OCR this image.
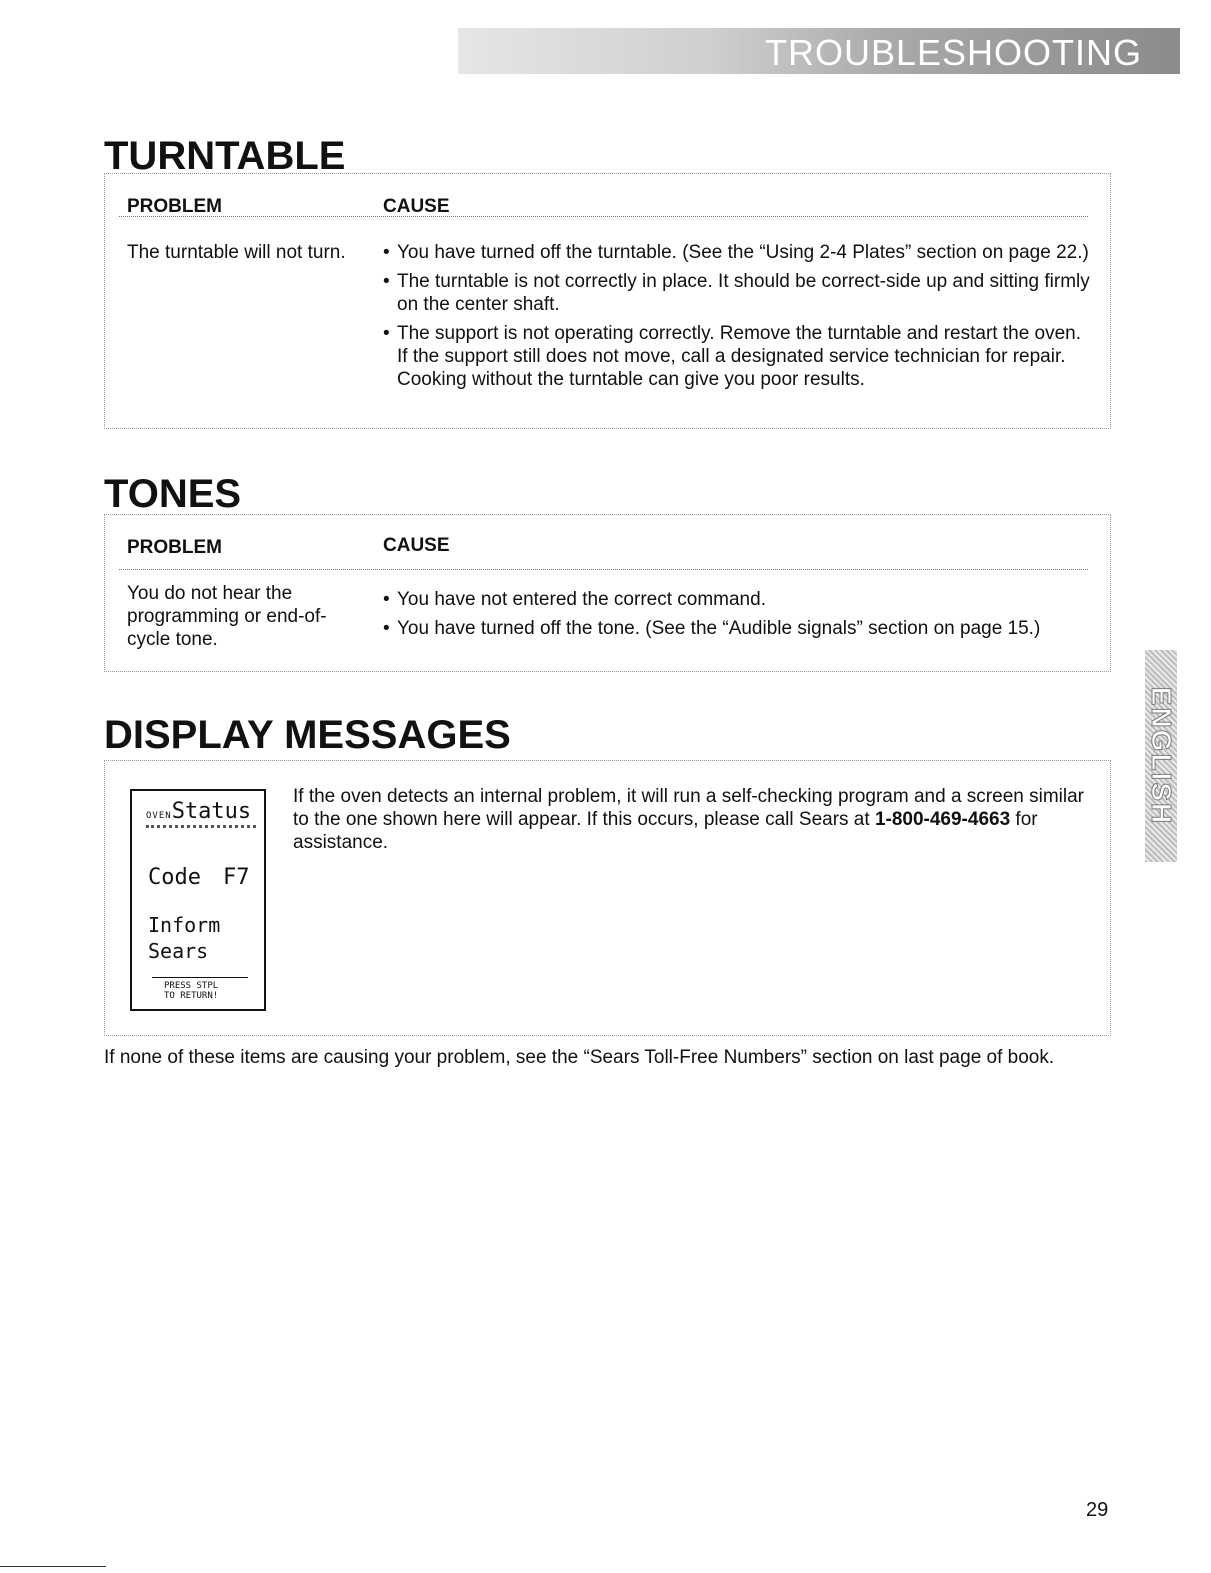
TROUBLESHOOTING
ENGLISH
TURNTABLE
PROBLEM	CAUSE
The turntable will not turn. • You have turned off the turntable. (See the “Using 2-4 Plates” section on page 22.)
• The turntable is not correctly in place. It should be correct-side up and sitting firmly on the center shaft.
• The support is not operating correctly. Remove the turntable and restart the oven. If the support still does not move, call a designated service technician for repair. Cooking without the turntable can give you poor results.
TONES
PROBLEM	CAUSE
You do not hear the programming or end-of-cycle tone.
• You have not entered the correct command.
• You have turned off the tone. (See the “Audible signals” section on page 15.)
DISPLAY MESSAGES
OVENStatus
Code F7
Inform
Sears
PRESS STPL
TO RETURN!
If the oven detects an internal problem, it will run a self-checking program and a screen similar to the one shown here will appear. If this occurs, please call Sears at 1-800-469-4663 for assistance.
If none of these items are causing your problem, see the “Sears Toll-Free Numbers” section on last page of book.
29
